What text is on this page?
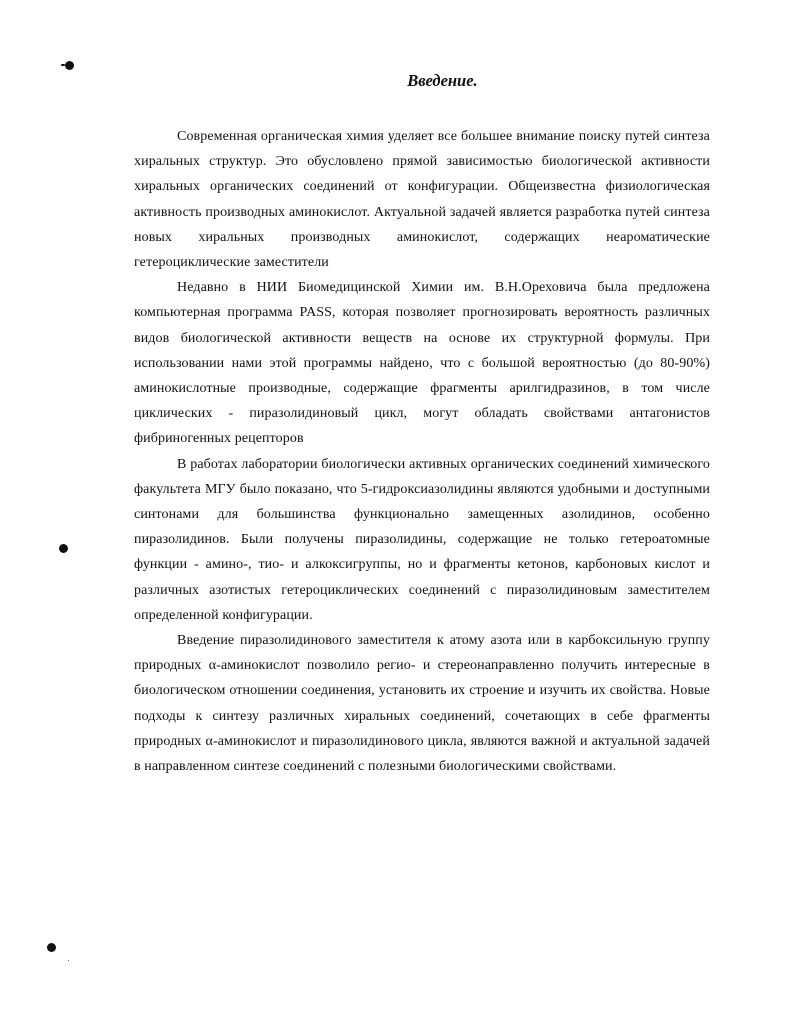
Введение.

Современная органическая химия уделяет все большее внимание поиску путей синтеза хиральных структур. Это обусловлено прямой зависимостью биологической активности хиральных органических соединений от конфигурации. Общеизвестна физиологическая активность производных аминокислот. Актуальной задачей является разработка путей синтеза новых хиральных производных аминокислот, содержащих неароматические гетероциклические заместители

Недавно в НИИ Биомедицинской Химии им. В.Н.Ореховича была предложена компьютерная программа PASS, которая позволяет прогнозировать вероятность различных видов биологической активности веществ на основе их структурной формулы. При использовании нами этой программы найдено, что с большой вероятностью (до 80-90%) аминокислотные производные, содержащие фрагменты арилгидразинов, в том числе циклических - пиразолидиновый цикл, могут обладать свойствами антагонистов фибриногенных рецепторов

В работах лаборатории биологически активных органических соединений химического факультета МГУ было показано, что 5-гидроксиазолидины являются удобными и доступными синтонами для большинства функционально замещенных азолидинов, особенно пиразолидинов. Были получены пиразолидины, содержащие не только гетероатомные функции - амино-, тио- и алкоксигруппы, но и фрагменты кетонов, карбоновых кислот и различных азотистых гетероциклических соединений с пиразолидиновым заместителем определенной конфигурации.

Введение пиразолидинового заместителя к атому азота или в карбоксильную группу природных α-аминокислот позволило регио- и стереонаправленно получить интересные в биологическом отношении соединения, установить их строение и изучить их свойства. Новые подходы к синтезу различных хиральных соединений, сочетающих в себе фрагменты природных α-аминокислот и пиразолидинового цикла, являются важной и актуальной задачей в направленном синтезе соединений с полезными биологическими свойствами.
